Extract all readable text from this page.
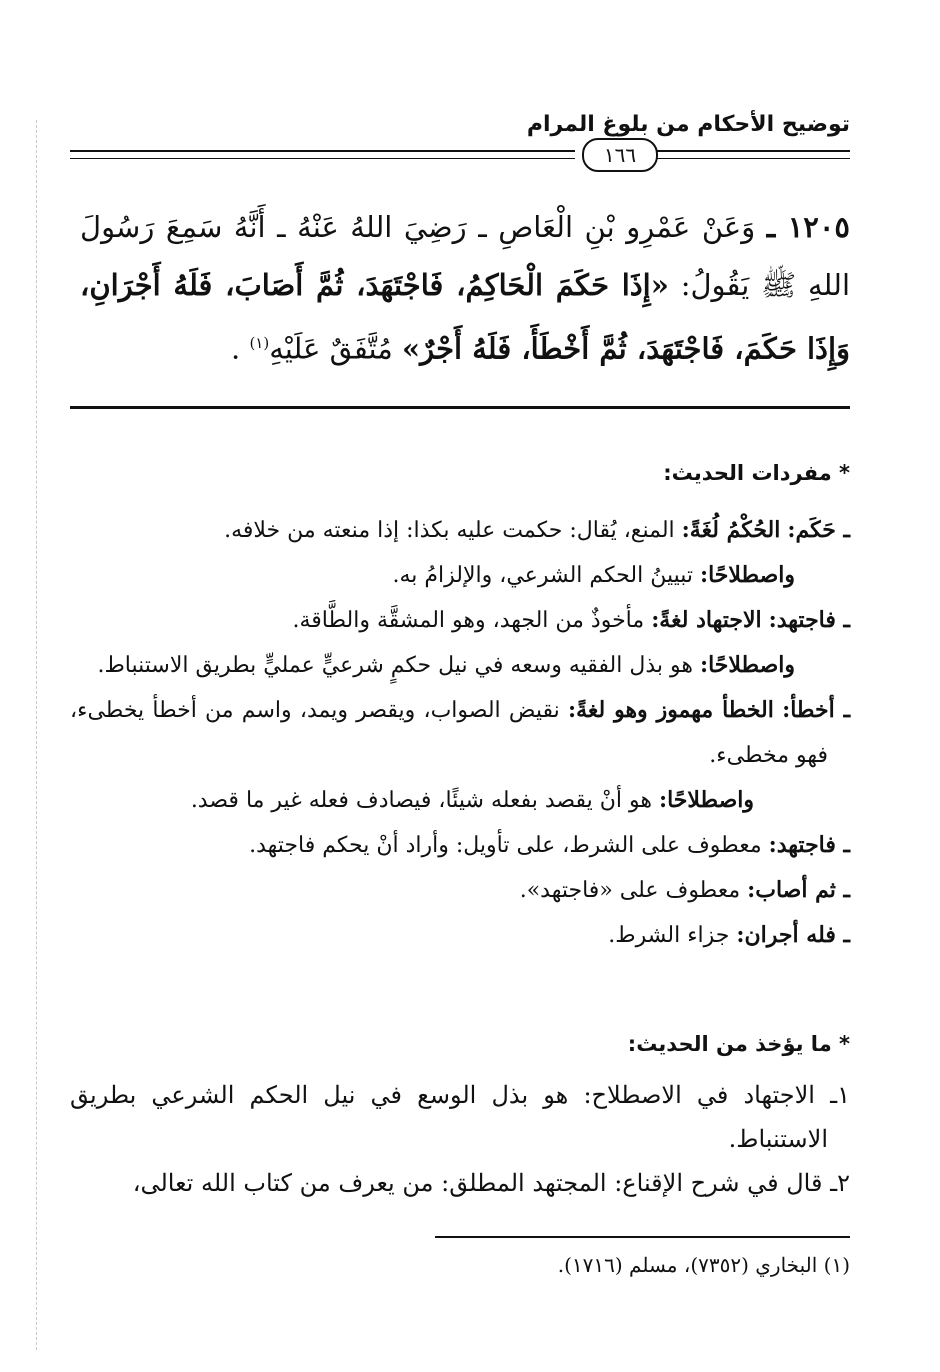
توضيح الأحكام من بلوغ المرام
١٦٦
١٢٠٥ ـ وَعَنْ عَمْرِو بْنِ الْعَاصِ ـ رَضِيَ اللهُ عَنْهُ ـ أَنَّهُ سَمِعَ رَسُولَ اللهِ ﷺ يَقُولُ: «إِذَا حَكَمَ الْحَاكِمُ، فَاجْتَهَدَ، ثُمَّ أَصَابَ، فَلَهُ أَجْرَانِ، وَإِذَا حَكَمَ، فَاجْتَهَدَ، ثُمَّ أَخْطَأَ، فَلَهُ أَجْرٌ» مُتَّفَقٌ عَلَيْهِ$^{(١)}$ .
* مفردات الحديث:

ـ حَكَم: الحُكْمُ لُغَةً: المنع، يُقال: حكمت عليه بكذا: إذا منعته من خلافه.

واصطلاحًا: تبيينُ الحكم الشرعي، والإلزامُ به.

ـ فاجتهد: الاجتهاد لغةً: مأخوذٌ من الجهد، وهو المشقَّة والطَّاقة.

واصطلاحًا: هو بذل الفقيه وسعه في نيل حكمٍ شرعيٍّ عمليٍّ بطريق الاستنباط.

ـ أخطأ: الخطأ مهموز وهو لغةً: نقيض الصواب، ويقصر ويمد، واسم من أخطأ يخطىء، فهو مخطىء.

واصطلاحًا: هو أنْ يقصد بفعله شيئًا، فيصادف فعله غير ما قصد.

ـ فاجتهد: معطوف على الشرط، على تأويل: وأراد أنْ يحكم فاجتهد.

ـ ثم أصاب: معطوف على «فاجتهد».

ـ فله أجران: جزاء الشرط.

* ما يؤخذ من الحديث:

١ـ الاجتهاد في الاصطلاح: هو بذل الوسع في نيل الحكم الشرعي بطريق الاستنباط.

٢ـ قال في شرح الإقناع: المجتهد المطلق: من يعرف من كتاب الله تعالى،

(١) البخاري (٧٣٥٢)، مسلم (١٧١٦).
